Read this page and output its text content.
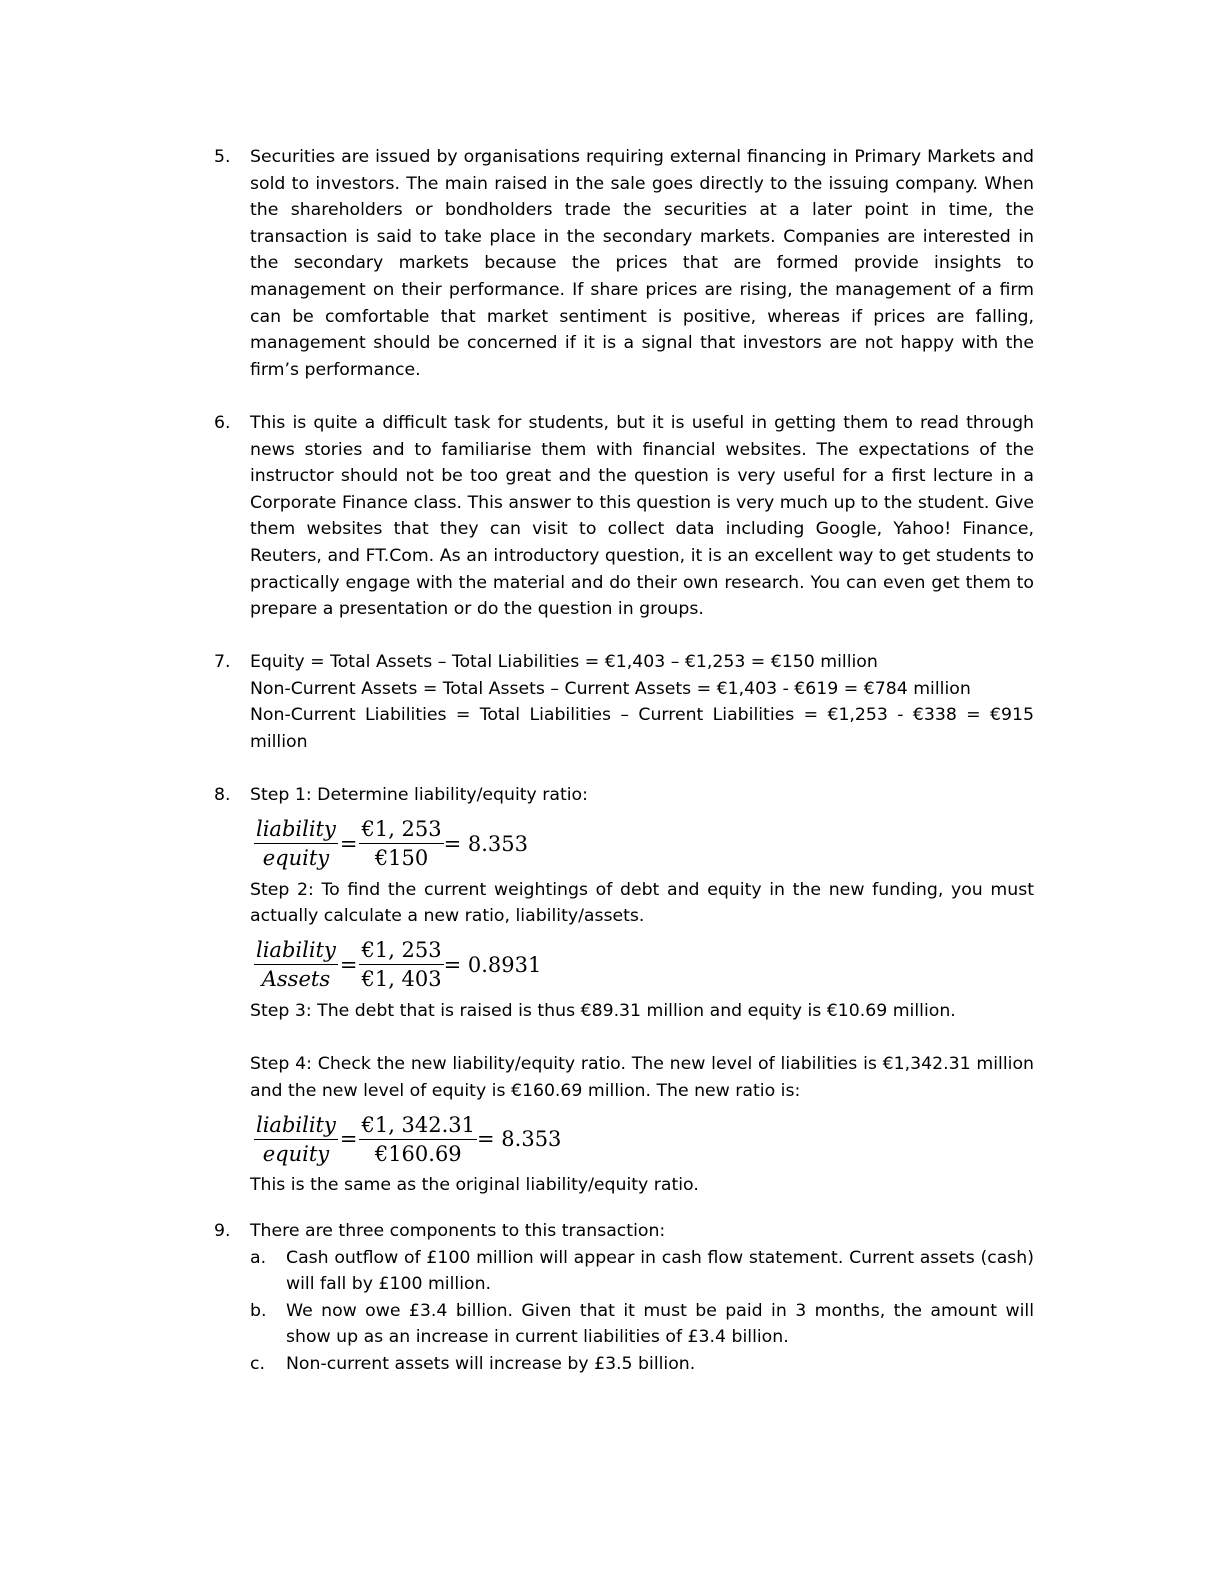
5.	Securities are issued by organisations requiring external financing in Primary Markets and sold to investors. The main raised in the sale goes directly to the issuing company. When the shareholders or bondholders trade the securities at a later point in time, the transaction is said to take place in the secondary markets. Companies are interested in the secondary markets because the prices that are formed provide insights to management on their performance. If share prices are rising, the management of a firm can be comfortable that market sentiment is positive, whereas if prices are falling, management should be concerned if it is a signal that investors are not happy with the firm’s performance.

6.	This is quite a difficult task for students, but it is useful in getting them to read through news stories and to familiarise them with financial websites. The expectations of the instructor should not be too great and the question is very useful for a first lecture in a Corporate Finance class. This answer to this question is very much up to the student. Give them websites that they can visit to collect data including Google, Yahoo! Finance, Reuters, and FT.Com. As an introductory question, it is an excellent way to get students to practically engage with the material and do their own research. You can even get them to prepare a presentation or do the question in groups.

7.	Equity = Total Assets – Total Liabilities = €1,403 – €1,253 = €150 million

Non-Current Assets = Total Assets – Current Assets = €1,403 - €619 = €784 million

Non-Current Liabilities = Total Liabilities – Current Liabilities = €1,253 - €338 = €915 million

8.	Step 1: Determine liability/equity ratio:

$\frac{\text{liability}}{\text{equity}} = \frac{€1, 253}{€150} = 8.353$

Step 2: To find the current weightings of debt and equity in the new funding, you must actually calculate a new ratio, liability/assets.

$\frac{\text{liability}}{\text{Assets}} = \frac{€1, 253}{€1, 403} = 0.8931$

Step 3: The debt that is raised is thus €89.31 million and equity is €10.69 million.

Step 4: Check the new liability/equity ratio. The new level of liabilities is €1,342.31 million and the new level of equity is €160.69 million. The new ratio is:

$\frac{\text{liability}}{\text{equity}} = \frac{€1, 342.31}{€160.69} = 8.353$

This is the same as the original liability/equity ratio.

9.	There are three components to this transaction:

a. Cash outflow of £100 million will appear in cash flow statement. Current assets (cash) will fall by £100 million.
b. We now owe £3.4 billion. Given that it must be paid in 3 months, the amount will show up as an increase in current liabilities of £3.4 billion.
c. Non-current assets will increase by £3.5 billion.
